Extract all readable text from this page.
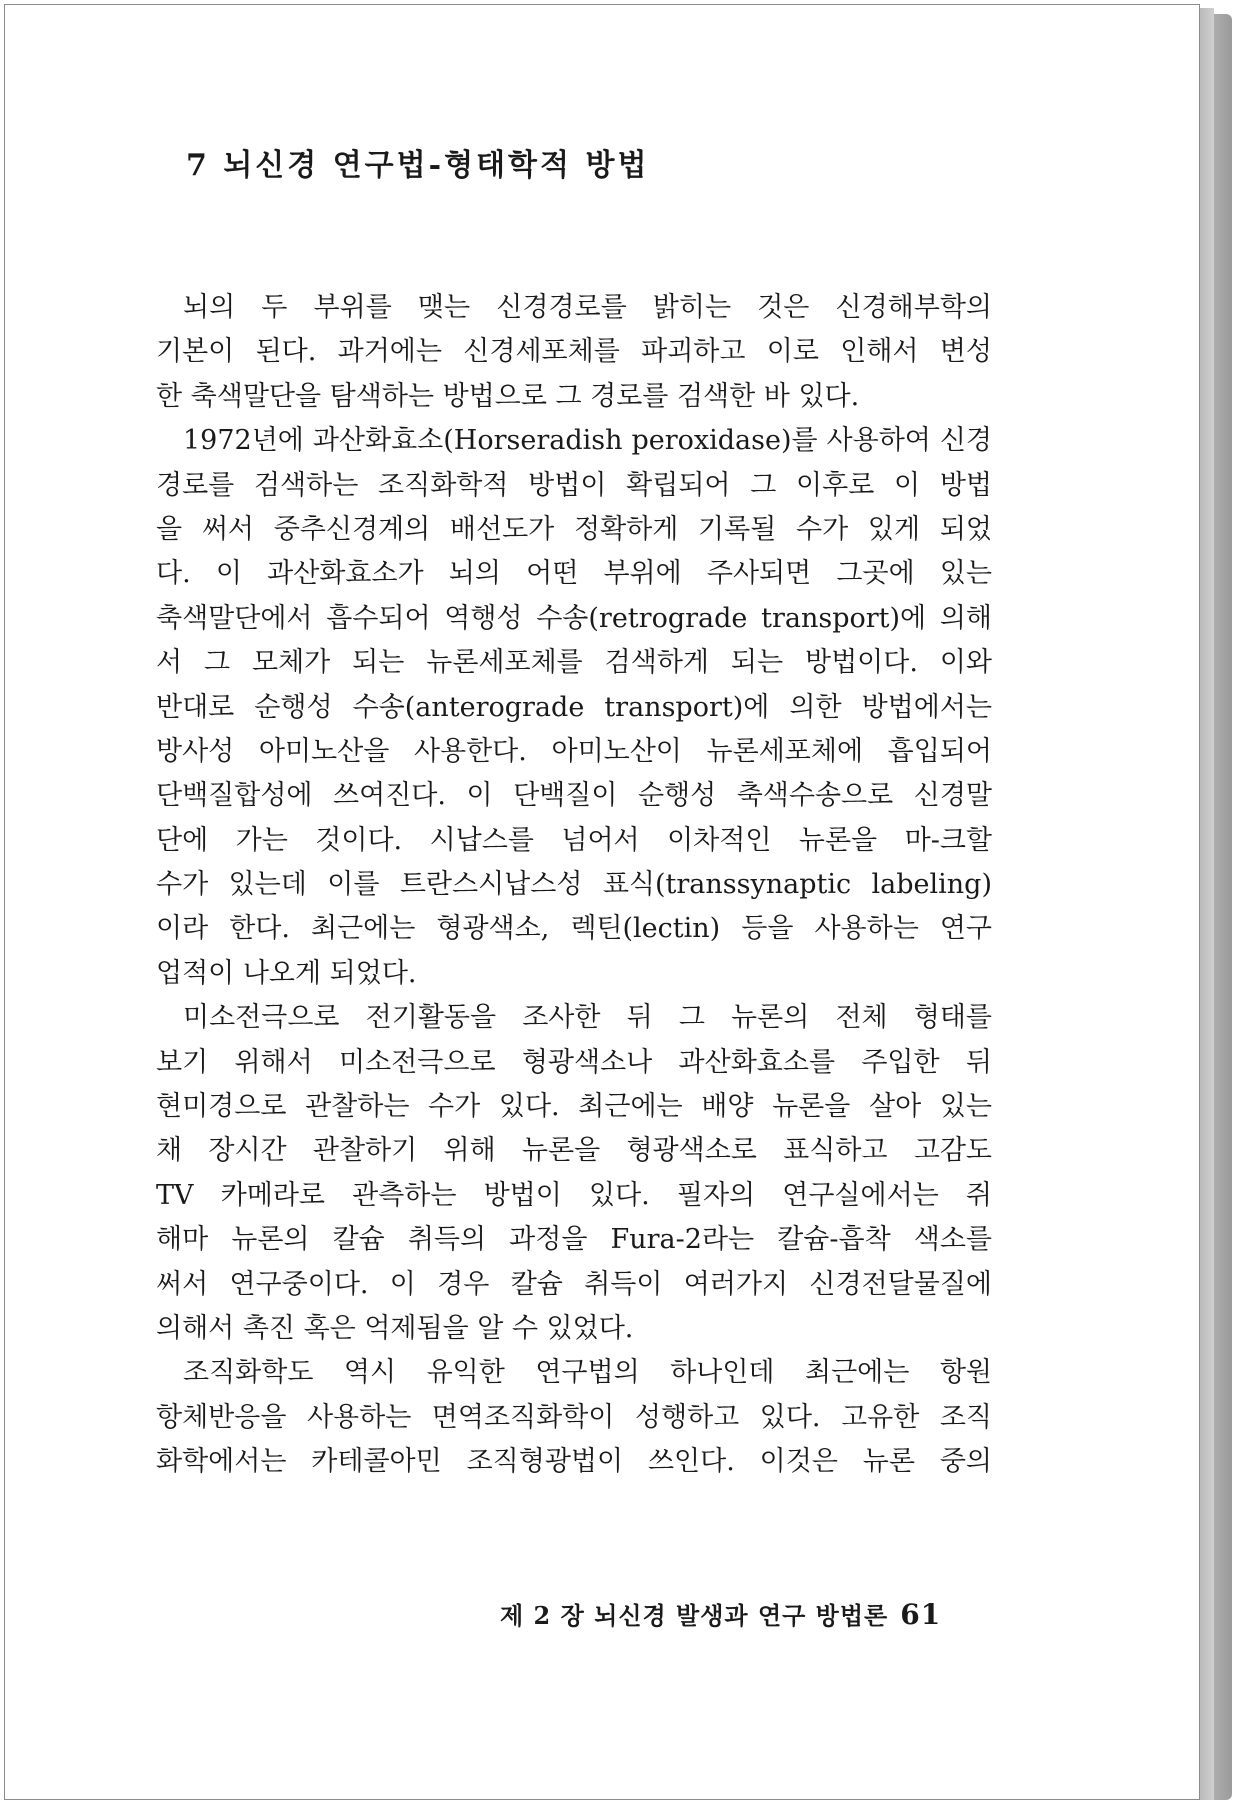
7 뇌신경 연구법-형태학적 방법
뇌의 두 부위를 맺는 신경경로를 밝히는 것은 신경해부학의
기본이 된다. 과거에는 신경세포체를 파괴하고 이로 인해서 변성
한 축색말단을 탐색하는 방법으로 그 경로를 검색한 바 있다.
1972년에 과산화효소(Horseradish peroxidase)를 사용하여 신경
경로를 검색하는 조직화학적 방법이 확립되어 그 이후로 이 방법
을 써서 중추신경계의 배선도가 정확하게 기록될 수가 있게 되었
다. 이 과산화효소가 뇌의 어떤 부위에 주사되면 그곳에 있는
축색말단에서 흡수되어 역행성 수송(retrograde transport)에 의해
서 그 모체가 되는 뉴론세포체를 검색하게 되는 방법이다. 이와
반대로 순행성 수송(anterograde transport)에 의한 방법에서는
방사성 아미노산을 사용한다. 아미노산이 뉴론세포체에 흡입되어
단백질합성에 쓰여진다. 이 단백질이 순행성 축색수송으로 신경말
단에 가는 것이다. 시납스를 넘어서 이차적인 뉴론을 마-크할
수가 있는데 이를 트란스시납스성 표식(transsynaptic labeling)
이라 한다. 최근에는 형광색소, 렉틴(lectin) 등을 사용하는 연구
업적이 나오게 되었다.
미소전극으로 전기활동을 조사한 뒤 그 뉴론의 전체 형태를
보기 위해서 미소전극으로 형광색소나 과산화효소를 주입한 뒤
현미경으로 관찰하는 수가 있다. 최근에는 배양 뉴론을 살아 있는
채 장시간 관찰하기 위해 뉴론을 형광색소로 표식하고 고감도
TV 카메라로 관측하는 방법이 있다. 필자의 연구실에서는 쥐
해마 뉴론의 칼슘 취득의 과정을 Fura-2라는 칼슘-흡착 색소를
써서 연구중이다. 이 경우 칼슘 취득이 여러가지 신경전달물질에
의해서 촉진 혹은 억제됨을 알 수 있었다.
조직화학도 역시 유익한 연구법의 하나인데 최근에는 항원
항체반응을 사용하는 면역조직화학이 성행하고 있다. 고유한 조직
화학에서는 카테콜아민 조직형광법이 쓰인다. 이것은 뉴론 중의
제 2 장 뇌신경 발생과 연구 방법론 61
